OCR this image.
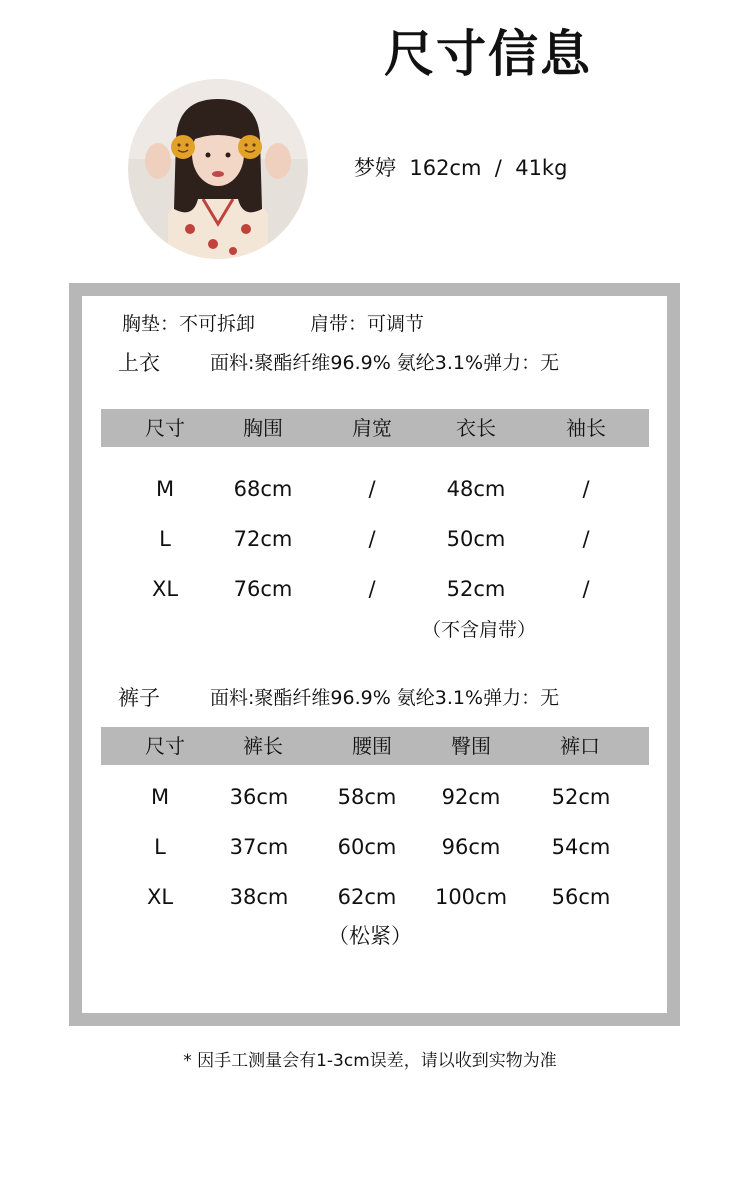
尺寸信息
梦婷  162cm  /  41kg
胸垫：不可拆卸	肩带：可调节
上衣	面料:聚酯纤维96.9% 氨纶3.1%弹力：无
尺寸	胸围	肩宽	衣长	袖长
M	68cm	/	48cm	/
L	72cm	/	50cm	/
XL	76cm	/	52cm	/
（不含肩带）
裤子	面料:聚酯纤维96.9% 氨纶3.1%弹力：无
尺寸	裤长	腰围	臀围	裤口
M	36cm	58cm	92cm	52cm
L	37cm	60cm	96cm	54cm
XL	38cm	62cm	100cm	56cm
（松紧）
* 因手工测量会有1-3cm误差，请以收到实物为准
